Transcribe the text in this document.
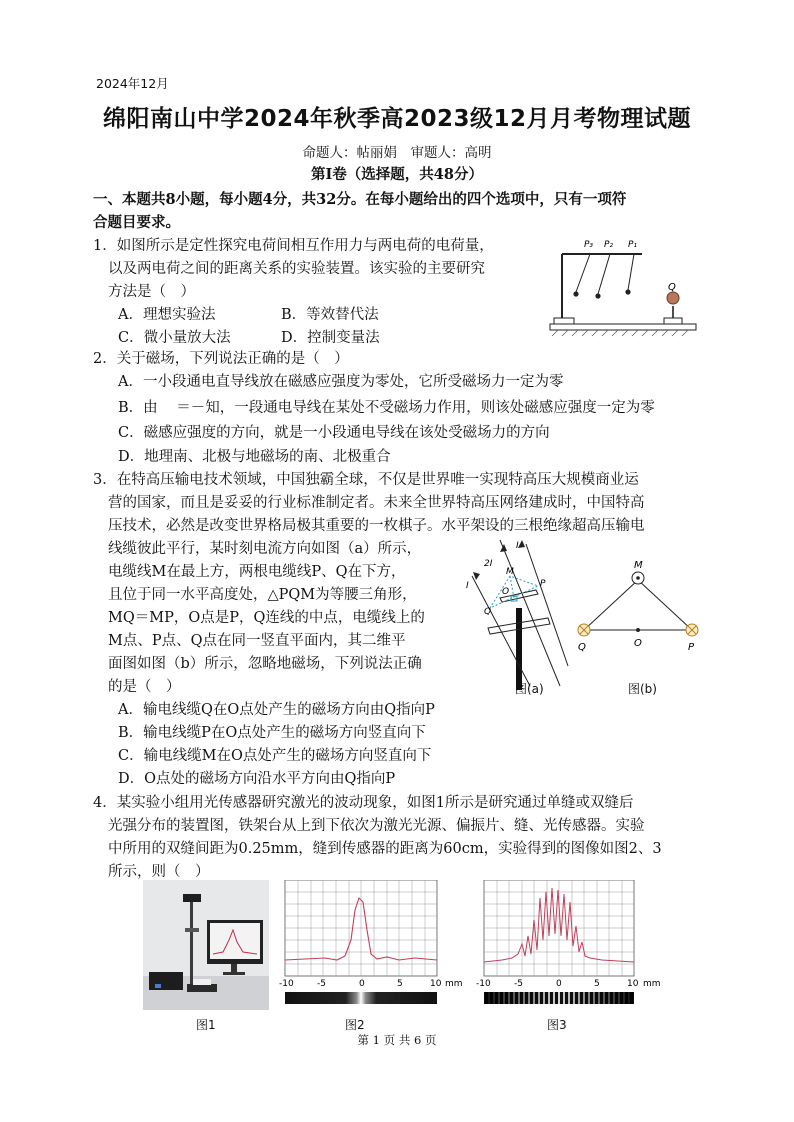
2024年12月
绵阳南山中学2024年秋季高2023级12月月考物理试题
命题人：帖丽娟　审题人：高明
第Ⅰ卷（选择题，共48分）
一、本题共8小题，每小题4分，共32分。在每小题给出的四个选项中，只有一项符
合题目要求。
1．如图所示是定性探究电荷间相互作用力与两电荷的电荷量，
以及两电荷之间的距离关系的实验装置。该实验的主要研究
方法是（　）
A．理想实验法	B．等效替代法
C．微小量放大法	D．控制变量法
P₃ P₂ P₁
Q
2．关于磁场，下列说法正确的是（　）
A．一小段通电直导线放在磁感应强度为零处，它所受磁场力一定为零
B．由 ＝－知，一段通电导线在某处不受磁场力作用，则该处磁感应强度一定为零
C．磁感应强度的方向，就是一小段通电导线在该处受磁场力的方向
D．地理南、北极与地磁场的南、北极重合
3．在特高压输电技术领域，中国独霸全球，不仅是世界唯一实现特高压大规模商业运
营的国家，而且是妥妥的行业标准制定者。未来全世界特高压网络建成时，中国特高
压技术，必然是改变世界格局极其重要的一枚棋子。水平架设的三根绝缘超高压输电
线缆彼此平行，某时刻电流方向如图（a）所示，
电缆线M在最上方，两根电缆线P、Q在下方，
且位于同一水平高度处，△PQM为等腰三角形，
MQ＝MP，O点是P，Q连线的中点，电缆线上的
M点、P点、Q点在同一竖直平面内，其二维平
面图如图（b）所示，忽略地磁场，下列说法正确
的是（　）
A．输电线缆Q在O点处产生的磁场方向由Q指向P
B．输电线缆P在O点处产生的磁场方向竖直向下
C．输电线缆M在O点处产生的磁场方向竖直向下
D．O点处的磁场方向沿水平方向由Q指向P
2I
I
I
M
P
Q
O
图(a)
M
Q	O	P
图(b)
4．某实验小组用光传感器研究激光的波动现象，如图1所示是研究通过单缝或双缝后
光强分布的装置图，铁架台从上到下依次为激光光源、偏振片、缝、光传感器。实验
中所用的双缝间距为0.25mm，缝到传感器的距离为60cm，实验得到的图像如图2、3
所示，则（　）
图1
-10	-5	0	5	10 mm
图2
-10	-5	0	5	10 mm
图3
第 1 页 共 6 页
